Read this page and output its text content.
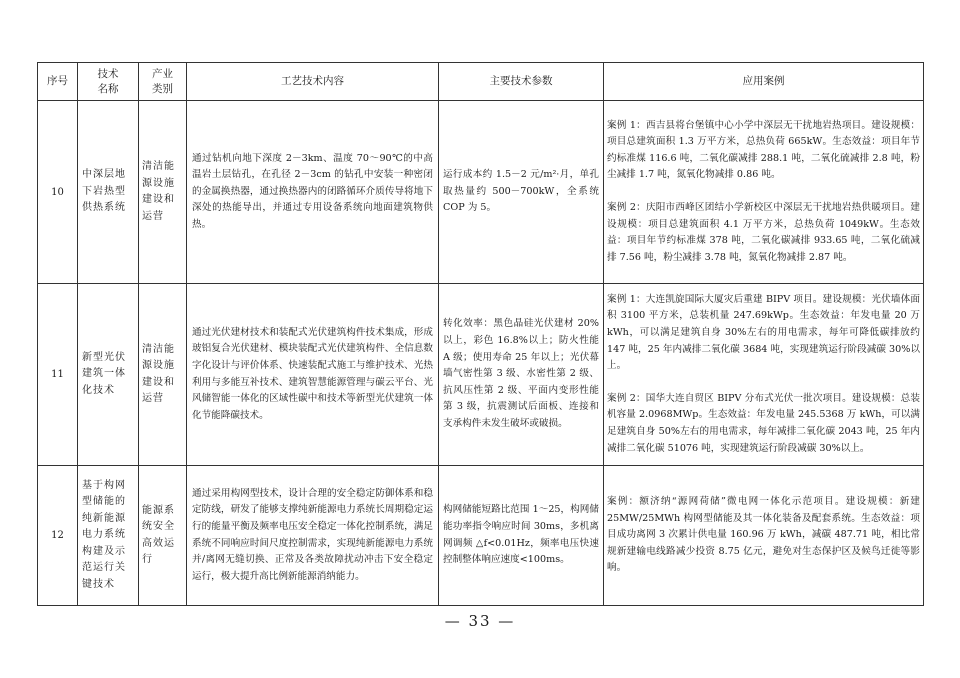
序号	技术名称	产业类别	工艺技术内容	主要技术参数	应用案例
10	中深层地下岩热型供热系统	清洁能源设施建设和运营	通过钻机向地下深度 2－3km、温度 70～90℃的中高温岩土层钻孔，在孔径 2－3cm 的钻孔中安装一种密闭的金属换热器，通过换热器内的闭路循环介质传导将地下深处的热能导出，并通过专用设备系统向地面建筑物供热。	运行成本约 1.5－2 元/m²·月，单孔取热量约 500－700kW，全系统 COP 为 5。	案例 1：西吉县将台堡镇中心小学中深层无干扰地岩热项目。建设规模：项目总建筑面积 1.3 万平方米，总热负荷 665kW。生态效益：项目年节约标准煤 116.6 吨，二氧化碳减排 288.1 吨，二氧化硫减排 2.8 吨，粉尘减排 1.7 吨，氮氧化物减排 0.86 吨。
案例 2：庆阳市西峰区团结小学新校区中深层无干扰地岩热供暖项目。建设规模：项目总建筑面积 4.1 万平方米，总热负荷 1049kW。生态效益：项目年节约标准煤 378 吨，二氧化碳减排 933.65 吨，二氧化硫减排 7.56 吨，粉尘减排 3.78 吨，氮氧化物减排 2.87 吨。

11	新型光伏建筑一体化技术	清洁能源设施建设和运营	通过光伏建材技术和装配式光伏建筑构件技术集成，形成玻铝复合光伏建材、模块装配式光伏建筑构件、全信息数字化设计与评价体系、快速装配式施工与维护技术、光热利用与多能互补技术、建筑智慧能源管理与碳云平台、光风储智能一体化的区域性碳中和技术等新型光伏建筑一体化节能降碳技术。	转化效率：黑色晶硅光伏建材 20%以上，彩色 16.8%以上；防火性能 A 级；使用寿命 25 年以上；光伏幕墙气密性第 3 级、水密性第 2 级、抗风压性第 2 级、平面内变形性能第 3 级，抗震测试后面板、连接和支承构件未发生破坏或破损。	案例 1：大连凯旋国际大厦灾后重建 BIPV 项目。建设规模：光伏墙体面积 3100 平方米，总装机量 247.69kWp。生态效益：年发电量 20 万 kWh，可以满足建筑自身 30%左右的用电需求，每年可降低碳排放约 147 吨，25 年内减排二氧化碳 3684 吨，实现建筑运行阶段减碳 30%以上。
案例 2：国华大连自贸区 BIPV 分布式光伏一批次项目。建设规模：总装机容量 2.0968MWp。生态效益：年发电量 245.5368 万 kWh，可以满足建筑自身 50%左右的用电需求，每年减排二氧化碳 2043 吨，25 年内减排二氧化碳 51076 吨，实现建筑运行阶段减碳 30%以上。

12	基于构网型储能的纯新能源电力系统构建及示范运行关键技术	能源系统安全高效运行	通过采用构网型技术，设计合理的安全稳定防御体系和稳定防线，研发了能够支撑纯新能源电力系统长周期稳定运行的能量平衡及频率电压安全稳定一体化控制系统，满足系统不同响应时间尺度控制需求，实现纯新能源电力系统并/离网无缝切换、正常及各类故障扰动冲击下安全稳定运行，极大提升高比例新能源消纳能力。	构网储能短路比范围 1～25，构网储能功率指令响应时间 30ms，多机离网调频 △f<0.01Hz，频率电压快速控制整体响应速度<100ms。	案例：额济纳“源网荷储”微电网一体化示范项目。建设规模：新建 25MW/25MWh 构网型储能及其一体化装备及配套系统。生态效益：项目成功离网 3 次累计供电量 160.96 万 kWh，减碳 487.71 吨，相比常规新建输电线路减少投资 8.75 亿元，避免对生态保护区及候鸟迁徙等影响。
— 33 —
